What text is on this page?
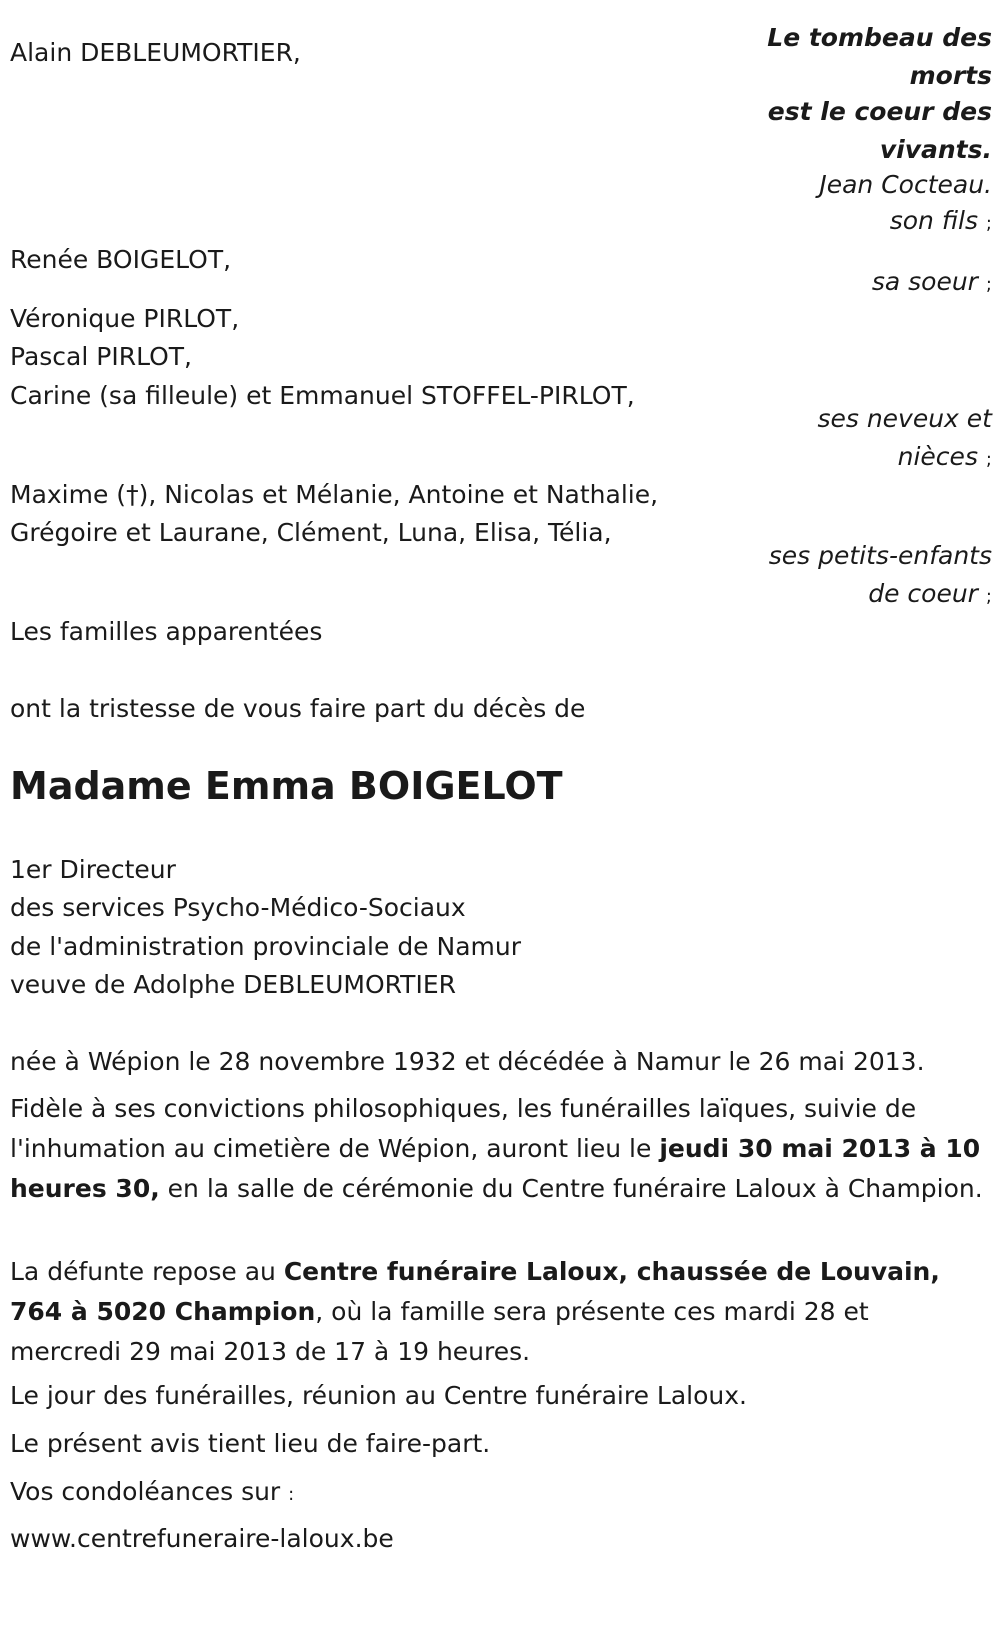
Le tombeau des
morts
est le coeur des
vivants.
Jean Cocteau.
Alain DEBLEUMORTIER,
son fils ;
Renée BOIGELOT,
sa soeur ;
Véronique PIRLOT,
Pascal PIRLOT,
Carine (sa filleule) et Emmanuel STOFFEL-PIRLOT,
ses neveux et
nièces ;
Maxime (†), Nicolas et Mélanie, Antoine et Nathalie,
Grégoire et Laurane, Clément, Luna, Elisa, Télia,
ses petits-enfants
de coeur ;
Les familles apparentées
ont la tristesse de vous faire part du décès de
Madame Emma BOIGELOT
1er Directeur
des services Psycho-Médico-Sociaux
de l'administration provinciale de Namur
veuve de Adolphe DEBLEUMORTIER
née à Wépion le 28 novembre 1932 et décédée à Namur le 26 mai 2013.
Fidèle à ses convictions philosophiques, les funérailles laïques, suivie de l'inhumation au cimetière de Wépion, auront lieu le jeudi 30 mai 2013 à 10 heures 30, en la salle de cérémonie du Centre funéraire Laloux à Champion.
La défunte repose au Centre funéraire Laloux, chaussée de Louvain, 764 à 5020 Champion, où la famille sera présente ces mardi 28 et mercredi 29 mai 2013 de 17 à 19 heures.
Le jour des funérailles, réunion au Centre funéraire Laloux.
Le présent avis tient lieu de faire-part.
Vos condoléances sur :
www.centrefuneraire-laloux.be
